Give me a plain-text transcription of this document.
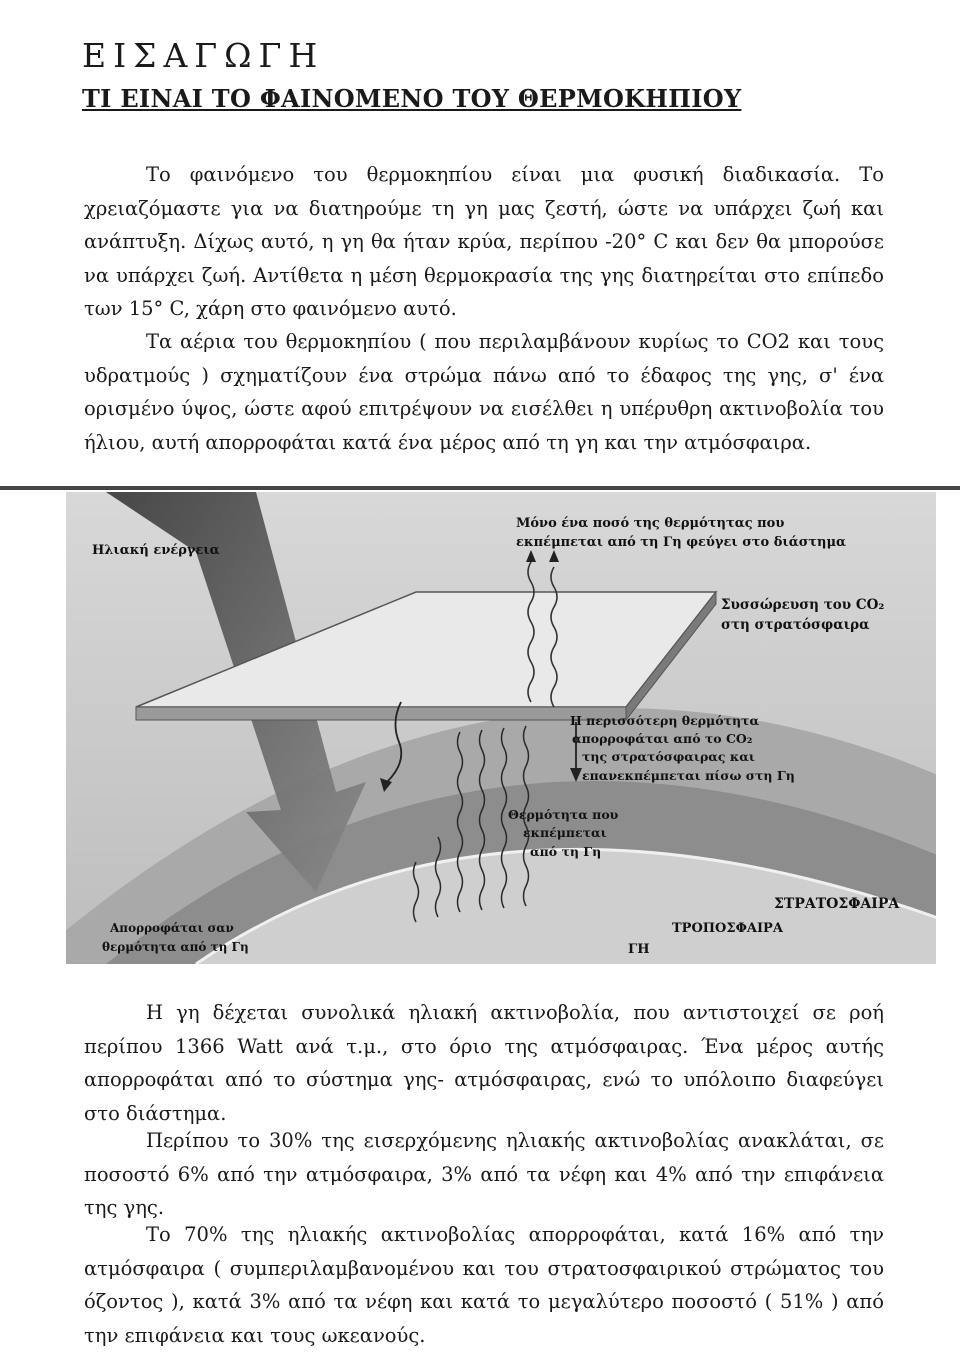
ΕΙΣΑΓΩΓΗ
ΤΙ ΕΙΝΑΙ ΤΟ ΦΑΙΝΟΜΕΝΟ ΤΟΥ ΘΕΡΜΟΚΗΠΙΟΥ

Το φαινόμενο του θερμοκηπίου είναι μια φυσική διαδικασία. Το χρειαζόμαστε για να διατηρούμε τη γη μας ζεστή, ώστε να υπάρχει ζωή και ανάπτυξη. Δίχως αυτό, η γη θα ήταν κρύα, περίπου -20° C και δεν θα μπορούσε να υπάρχει ζωή. Αντίθετα η μέση θερμοκρασία της γης διατηρείται στο επίπεδο των 15° C, χάρη στο φαινόμενο αυτό.

Τα αέρια του θερμοκηπίου ( που περιλαμβάνουν κυρίως το CO2 και τους υδρατμούς ) σχηματίζουν ένα στρώμα πάνω από το έδαφος της γης, σ' ένα ορισμένο ύψος, ώστε αφού επιτρέψουν να εισέλθει η υπέρυθρη ακτινοβολία του ήλιου, αυτή απορροφάται κατά ένα μέρος από τη γη και την ατμόσφαιρα.

Ηλιακή ενέργεια
Μόνο ένα ποσό της θερμότητας που
εκπέμπεται από τη Γη φεύγει στο διάστημα
Συσσώρευση του CO₂
στη στρατόσφαιρα
Η περισσότερη θερμότητα
απορροφάται από το CO₂
της στρατόσφαιρας και
επανεκπέμπεται πίσω στη Γη
Θερμότητα που
εκπέμπεται
από τη Γη
ΣΤΡΑΤΟΣΦΑΙΡΑ
ΤΡΟΠΟΣΦΑΙΡΑ
ΓΗ
Απορροφάται σαν
θερμότητα από τη Γη

Η γη δέχεται συνολικά ηλιακή ακτινοβολία, που αντιστοιχεί σε ροή περίπου 1366 Watt ανά τ.μ., στο όριο της ατμόσφαιρας. Ένα μέρος αυτής απορροφάται από το σύστημα γης- ατμόσφαιρας, ενώ το υπόλοιπο διαφεύγει στο διάστημα.

Περίπου το 30% της εισερχόμενης ηλιακής ακτινοβολίας ανακλάται, σε ποσοστό 6% από την ατμόσφαιρα, 3% από τα νέφη και 4% από την επιφάνεια της γης.

Το 70% της ηλιακής ακτινοβολίας απορροφάται, κατά 16% από την ατμόσφαιρα ( συμπεριλαμβανομένου και του στρατοσφαιρικού στρώματος του όζοντος ), κατά 3% από τα νέφη και κατά το μεγαλύτερο ποσοστό ( 51% ) από την επιφάνεια και τους ωκεανούς.
